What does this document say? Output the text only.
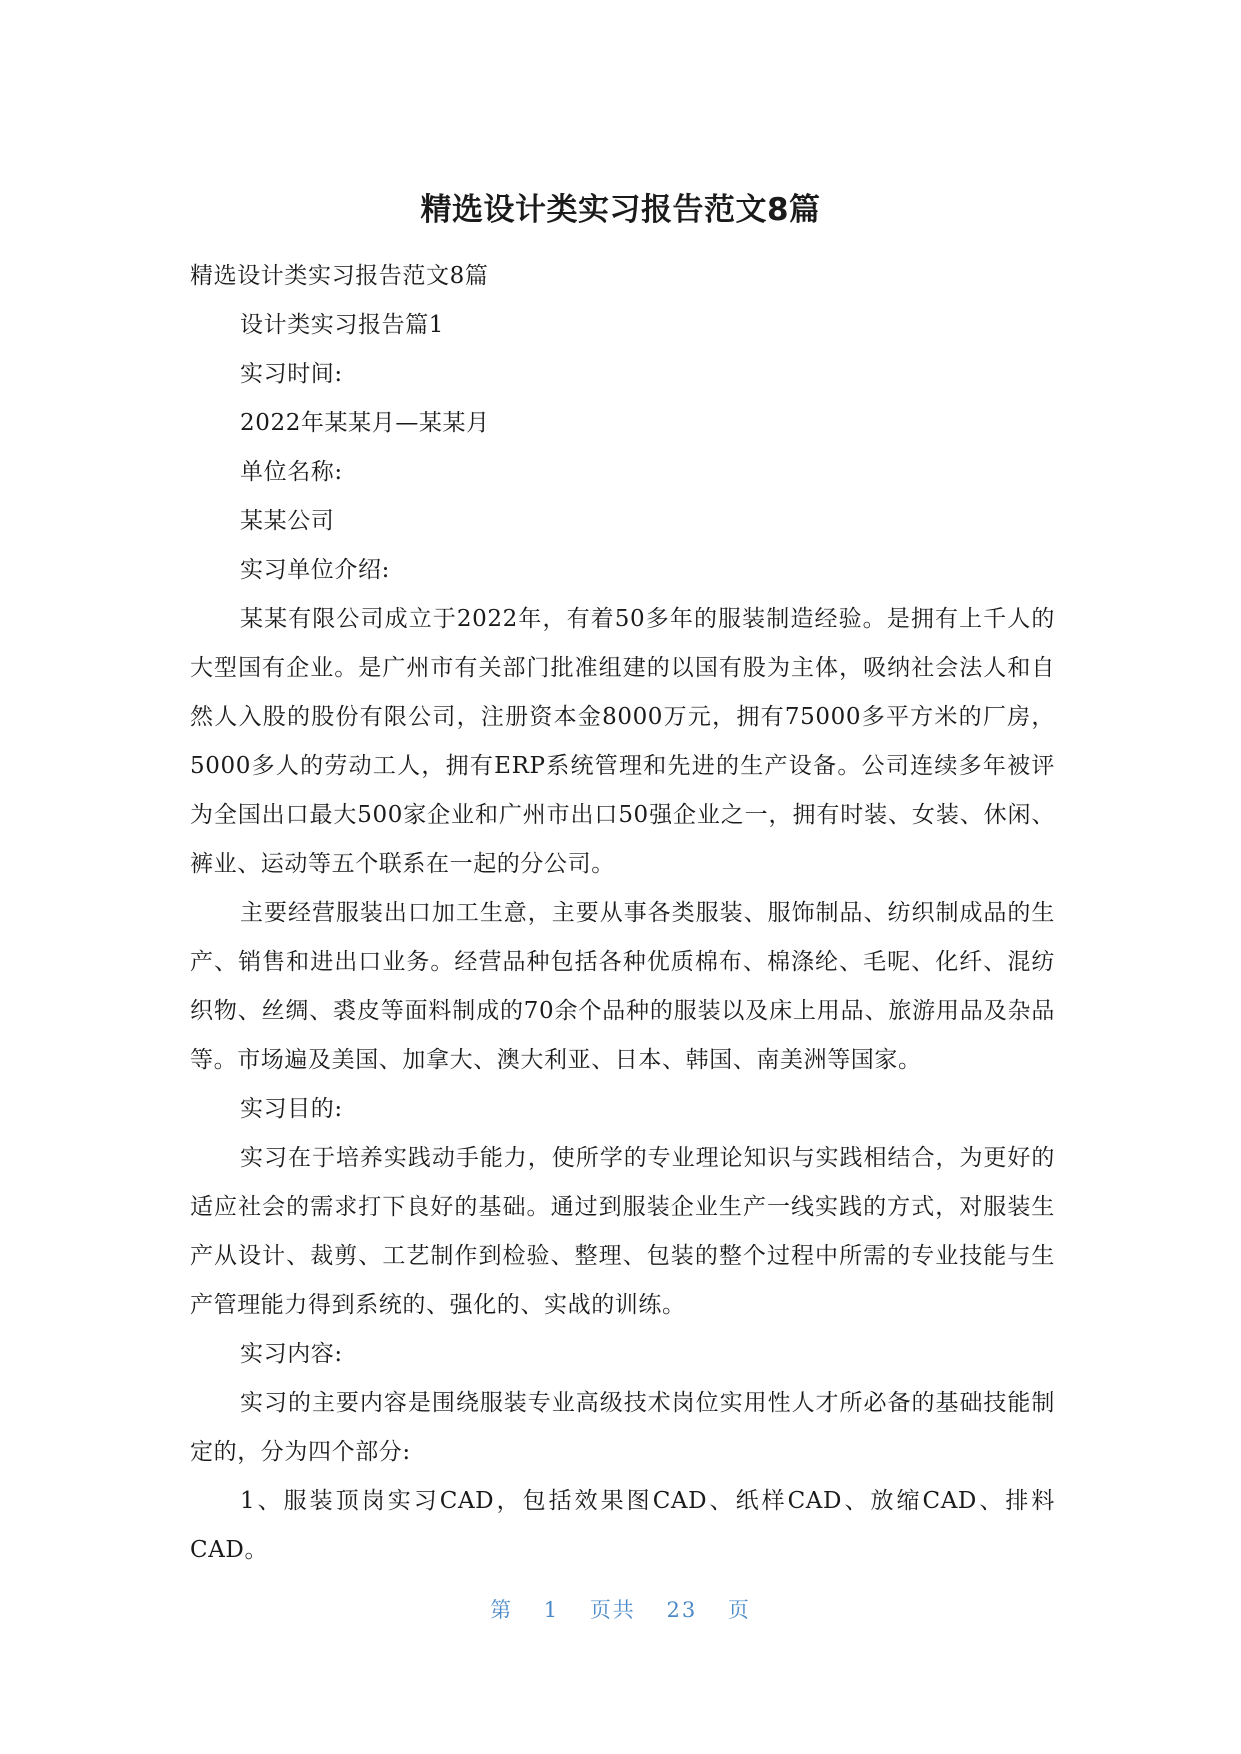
精选设计类实习报告范文8篇

精选设计类实习报告范文8篇

设计类实习报告篇1

实习时间:

2022年某某月—某某月

单位名称:

某某公司

实习单位介绍:

某某有限公司成立于2022年，有着50多年的服装制造经验。是拥有上千人的大型国有企业。是广州市有关部门批准组建的以国有股为主体，吸纳社会法人和自然人入股的股份有限公司，注册资本金8000万元，拥有75000多平方米的厂房，5000多人的劳动工人，拥有ERP系统管理和先进的生产设备。公司连续多年被评为全国出口最大500家企业和广州市出口50强企业之一，拥有时装、女装、休闲、裤业、运动等五个联系在一起的分公司。

主要经营服装出口加工生意，主要从事各类服装、服饰制品、纺织制成品的生产、销售和进出口业务。经营品种包括各种优质棉布、棉涤纶、毛呢、化纤、混纺织物、丝绸、裘皮等面料制成的70余个品种的服装以及床上用品、旅游用品及杂品等。市场遍及美国、加拿大、澳大利亚、日本、韩国、南美洲等国家。

实习目的:

实习在于培养实践动手能力，使所学的专业理论知识与实践相结合，为更好的适应社会的需求打下良好的基础。通过到服装企业生产一线实践的方式，对服装生产从设计、裁剪、工艺制作到检验、整理、包装的整个过程中所需的专业技能与生产管理能力得到系统的、强化的、实战的训练。

实习内容:

实习的主要内容是围绕服装专业高级技术岗位实用性人才所必备的基础技能制定的，分为四个部分:

1、服装顶岗实习CAD，包括效果图CAD、纸样CAD、放缩CAD、排料CAD。

第 1 页共 23 页
